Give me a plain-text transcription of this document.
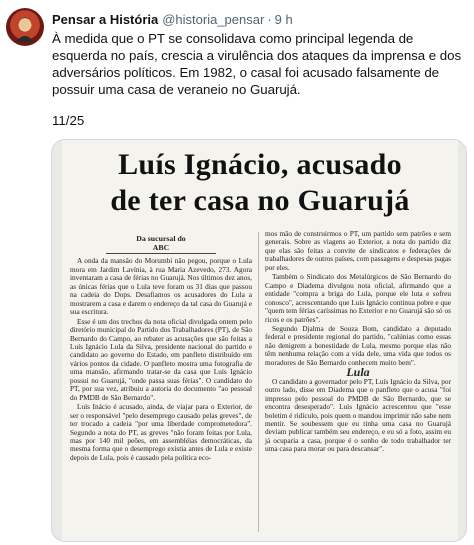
Pensar a História @historia_pensar · 9 h
À medida que o PT se consolidava como principal legenda de esquerda no país, crescia a virulência dos ataques da imprensa e dos adversários políticos. Em 1982, o casal foi acusado falsamente de possuir uma casa de veraneio no Guarujá.
11/25
Luís Ignácio, acusado
de ter casa no Guarujá

Da sucursal do

ABC

A onda da mansão do Morumbi não pegou, porque o Lula mora em Jardim Lavínia, à rua Maria Azevedo, 273. Agora inventaram a casa de férias no Guarujá. Nos últimos dez anos, as únicas férias que o Lula teve foram os 31 dias que passou na cadeia do Dops. Desafiamos os acusadores do Lula a mostrarem a casa e darem o endereço da tal casa do Guarujá e sua escritura.

Esse é um dos trechos da nota oficial divulgada ontem pelo diretório municipal do Partido dos Trabalhadores (PT), de São Bernardo do Campo, ao rebater as acusações que são feitas a Luís Ignácio Lula da Silva, presidente nacional do partido e candidato ao governo do Estado, em panfleto distribuído em vários pontos da cidade. O panfleto mostra uma fotografia de uma mansão, afirmando tratar-se da casa que Luís Ignácio possui no Guarujá, "onde passa suas férias". O candidato do PT, por sua vez, atribuiu a autoria do documento "ao pessoal do PMDB de São Bernardo".

Luís Inácio é acusado, ainda, de viajar para o Exterior, de ser o responsável "pelo desemprego causado pelas greves", de ter trocado a cadeia "por uma liberdade comprometedora". Segundo a nota do PT, as greves "não foram feitas por Lula, mas por 140 mil peões, em assembléias democráticas, da mesma forma que o desemprego existia antes de Lula e existe depois de Lula, pois é causado pela política eco-

mos mão de construirmos o PT, um partido sem patrões e sem generais. Sobre as viagens ao Exterior, a nota do partido diz que elas são feitas a convite de sindicatos e federações de trabalhadores de outros países, com passagens e despesas pagas por eles.

Também o Sindicato dos Metalúrgicos de São Bernardo do Campo e Diadema divulgou nota oficial, afirmando que a entidade "compra a briga do Lula, porque ele luta e sofreu conosco", acrescentando que Luís Ignácio continua pobre e que "quem tem férias caríssimas no Exterior e no Guarujá são só os ricos e os patrões".

Segundo Djalma de Souza Bom, candidato a deputado federal e presidente regional do partido, "calúnias como essas não denigrem a honestidade de Lula, mesmo porque elas não têm nenhuma relação com a vida dele, uma vida que todos os moradores de São Bernardo conhecem muito bem".

Lula

O candidato a governador pelo PT, Luís Ignácio da Silva, por outro lado, disse em Diadema que o panfleto que o acusa "foi impresso pelo pessoal do PMDB de São Bernardo, que se encontra desesperado". Luís Ignácio acrescentou que "esse boletim é ridículo, pois quem o mandou imprimir não sabe nem mentir. Se soubessem que eu tinha uma casa no Guarujá deviam publicar também seu endereço, e eu só a foto, assim eu já ocuparia a casa, porque é o sonho de todo trabalhador ter uma casa para morar ou para descansar".
